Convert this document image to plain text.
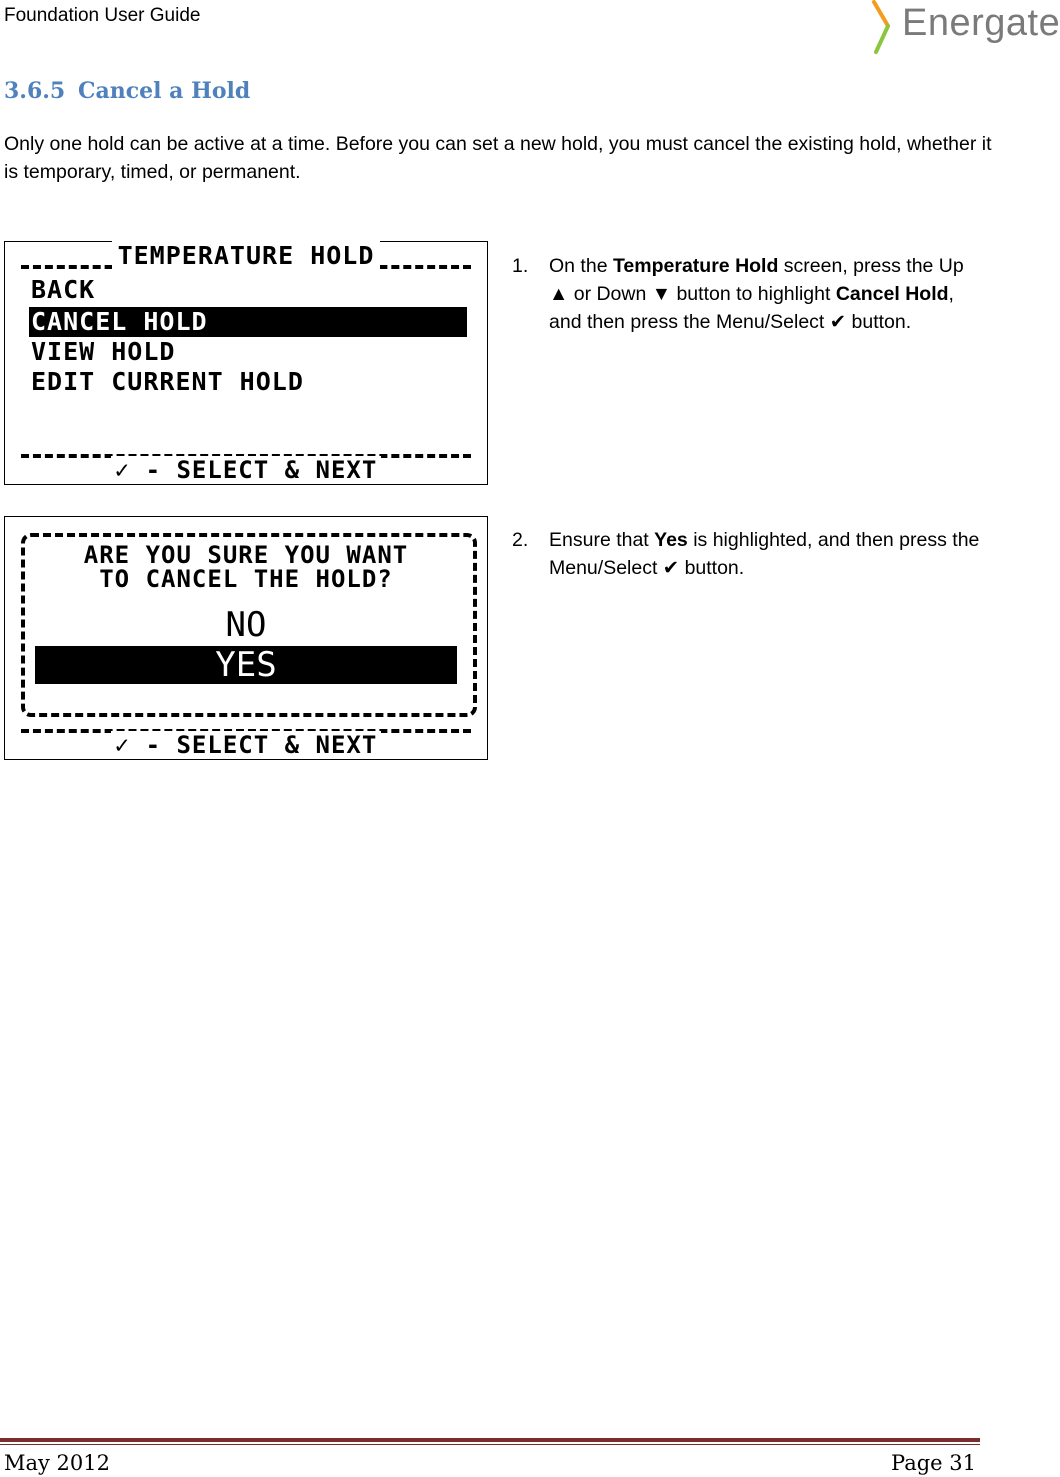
Foundation User Guide	Energate
3.6.5 Cancel a Hold
Only one hold can be active at a time. Before you can set a new hold, you must cancel the existing hold, whether it is temporary, timed, or permanent.
TEMPERATURE HOLD
BACK
CANCEL HOLD
VIEW HOLD
EDIT CURRENT HOLD
✓ - SELECT & NEXT
1. On the Temperature Hold screen, press the Up ▲ or Down ▼ button to highlight Cancel Hold, and then press the Menu/Select ✔ button.
ARE YOU SURE YOU WANT
TO CANCEL THE HOLD?
NO
YES
✓ - SELECT & NEXT
2. Ensure that Yes is highlighted, and then press the Menu/Select ✔ button.
May 2012	Page 31
